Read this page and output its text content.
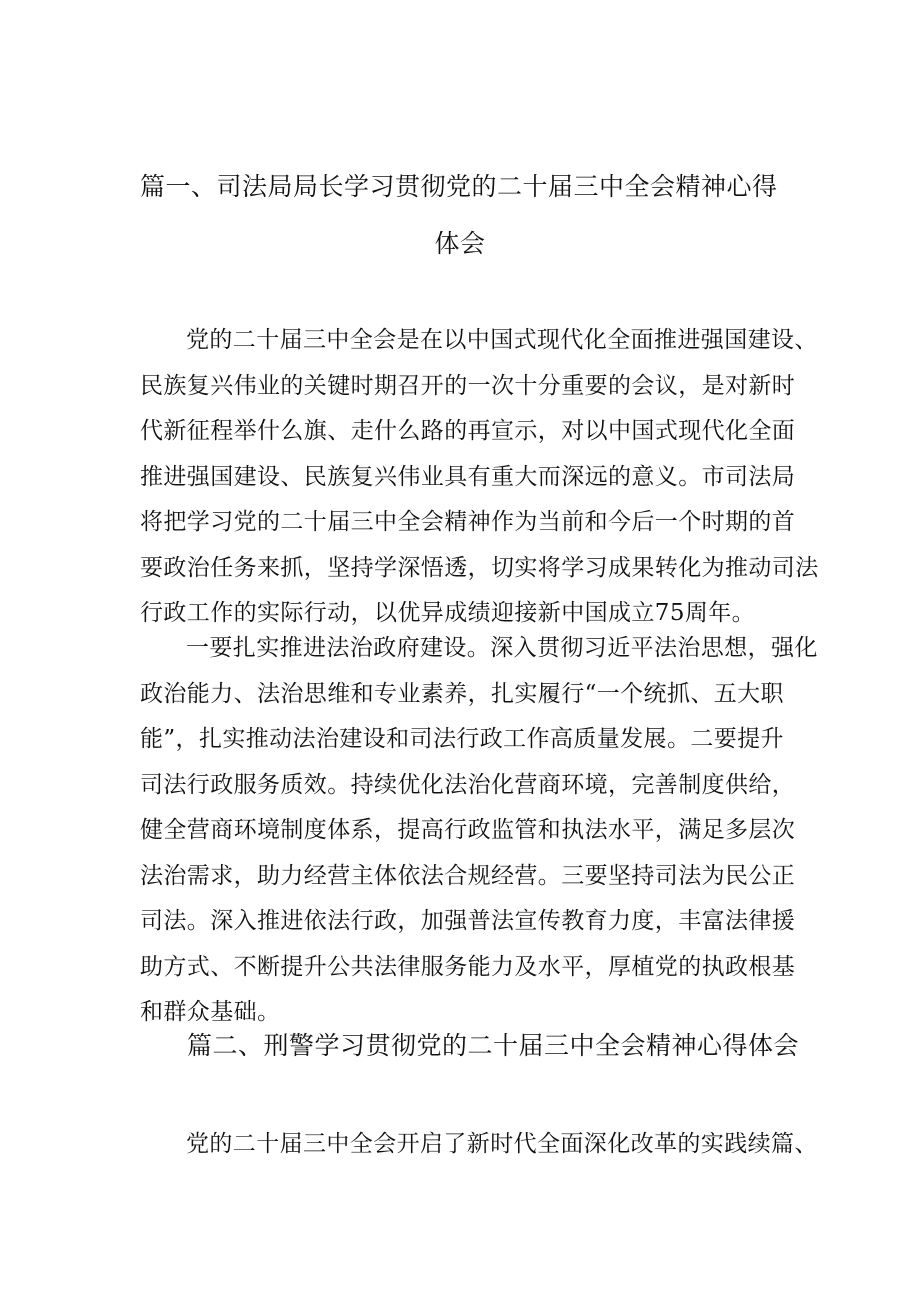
篇一、司法局局长学习贯彻党的二十届三中全会精神心得
体会

党的二十届三中全会是在以中国式现代化全面推进强国建设、

民族复兴伟业的关键时期召开的一次十分重要的会议，是对新时

代新征程举什么旗、走什么路的再宣示，对以中国式现代化全面

推进强国建设、民族复兴伟业具有重大而深远的意义。市司法局

将把学习党的二十届三中全会精神作为当前和今后一个时期的首

要政治任务来抓，坚持学深悟透，切实将学习成果转化为推动司法

行政工作的实际行动，以优异成绩迎接新中国成立75周年。

一要扎实推进法治政府建设。深入贯彻习近平法治思想，强化

政治能力、法治思维和专业素养，扎实履行“一个统抓、五大职

能”，扎实推动法治建设和司法行政工作高质量发展。二要提升

司法行政服务质效。持续优化法治化营商环境，完善制度供给，

健全营商环境制度体系，提高行政监管和执法水平，满足多层次

法治需求，助力经营主体依法合规经营。三要坚持司法为民公正

司法。深入推进依法行政，加强普法宣传教育力度，丰富法律援

助方式、不断提升公共法律服务能力及水平，厚植党的执政根基

和群众基础。

篇二、刑警学习贯彻党的二十届三中全会精神心得体会

党的二十届三中全会开启了新时代全面深化改革的实践续篇、
